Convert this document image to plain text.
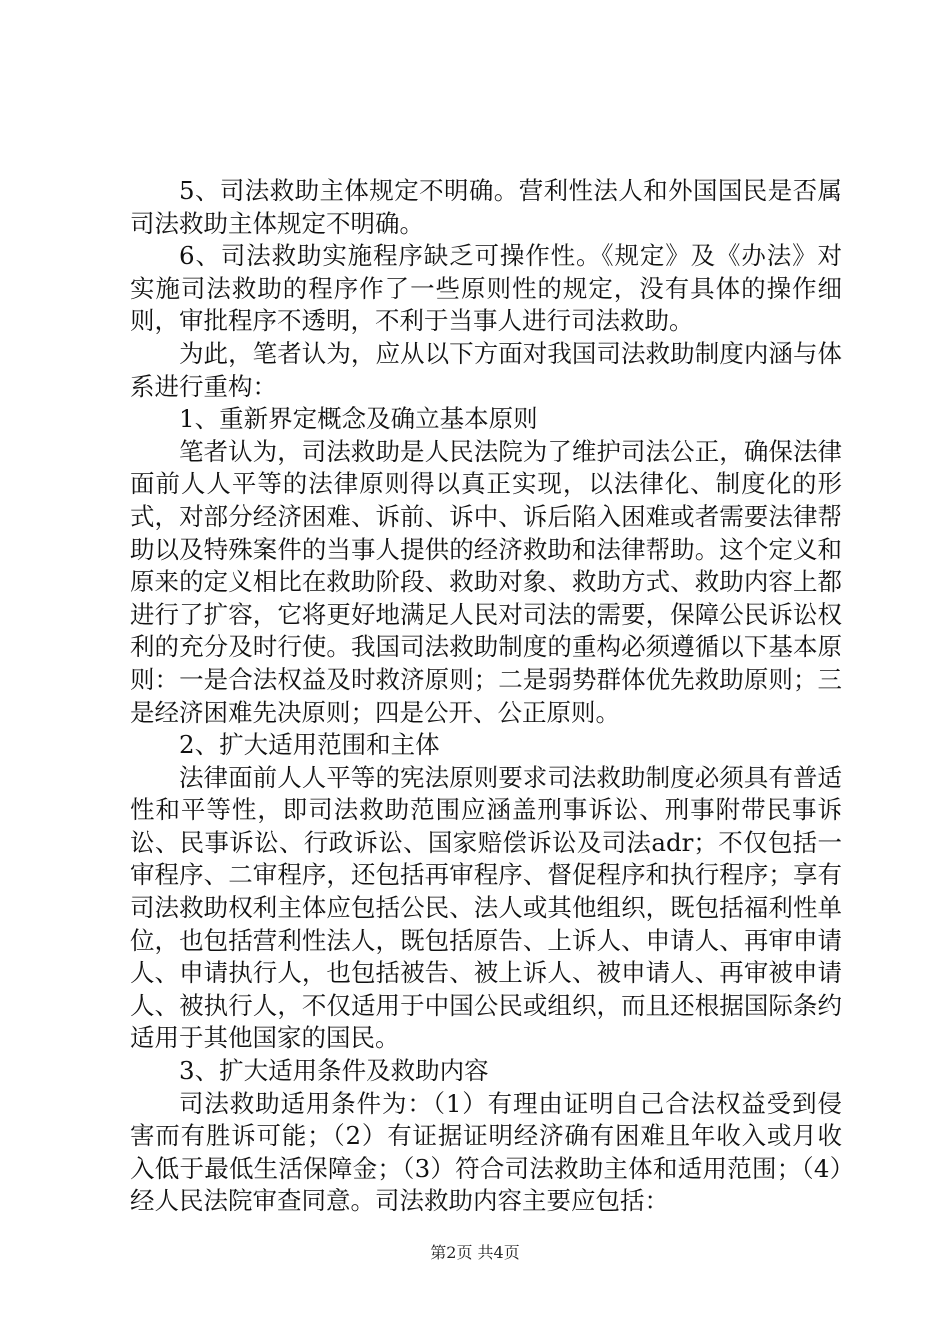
5、司法救助主体规定不明确。营利性法人和外国国民是否属司法救助主体规定不明确。

6、司法救助实施程序缺乏可操作性。《规定》及《办法》对实施司法救助的程序作了一些原则性的规定，没有具体的操作细则，审批程序不透明，不利于当事人进行司法救助。

为此，笔者认为，应从以下方面对我国司法救助制度内涵与体系进行重构：

1、重新界定概念及确立基本原则

笔者认为，司法救助是人民法院为了维护司法公正，确保法律面前人人平等的法律原则得以真正实现，以法律化、制度化的形式，对部分经济困难、诉前、诉中、诉后陷入困难或者需要法律帮助以及特殊案件的当事人提供的经济救助和法律帮助。这个定义和原来的定义相比在救助阶段、救助对象、救助方式、救助内容上都进行了扩容，它将更好地满足人民对司法的需要，保障公民诉讼权利的充分及时行使。我国司法救助制度的重构必须遵循以下基本原则：一是合法权益及时救济原则；二是弱势群体优先救助原则；三是经济困难先决原则；四是公开、公正原则。

2、扩大适用范围和主体

法律面前人人平等的宪法原则要求司法救助制度必须具有普适性和平等性，即司法救助范围应涵盖刑事诉讼、刑事附带民事诉讼、民事诉讼、行政诉讼、国家赔偿诉讼及司法adr；不仅包括一审程序、二审程序，还包括再审程序、督促程序和执行程序；享有司法救助权利主体应包括公民、法人或其他组织，既包括福利性单位，也包括营利性法人，既包括原告、上诉人、申请人、再审申请人、申请执行人，也包括被告、被上诉人、被申请人、再审被申请人、被执行人，不仅适用于中国公民或组织，而且还根据国际条约适用于其他国家的国民。

3、扩大适用条件及救助内容

司法救助适用条件为：（1）有理由证明自己合法权益受到侵害而有胜诉可能；（2）有证据证明经济确有困难且年收入或月收入低于最低生活保障金；（3）符合司法救助主体和适用范围；（4）经人民法院审查同意。司法救助内容主要应包括：

第2页 共4页
